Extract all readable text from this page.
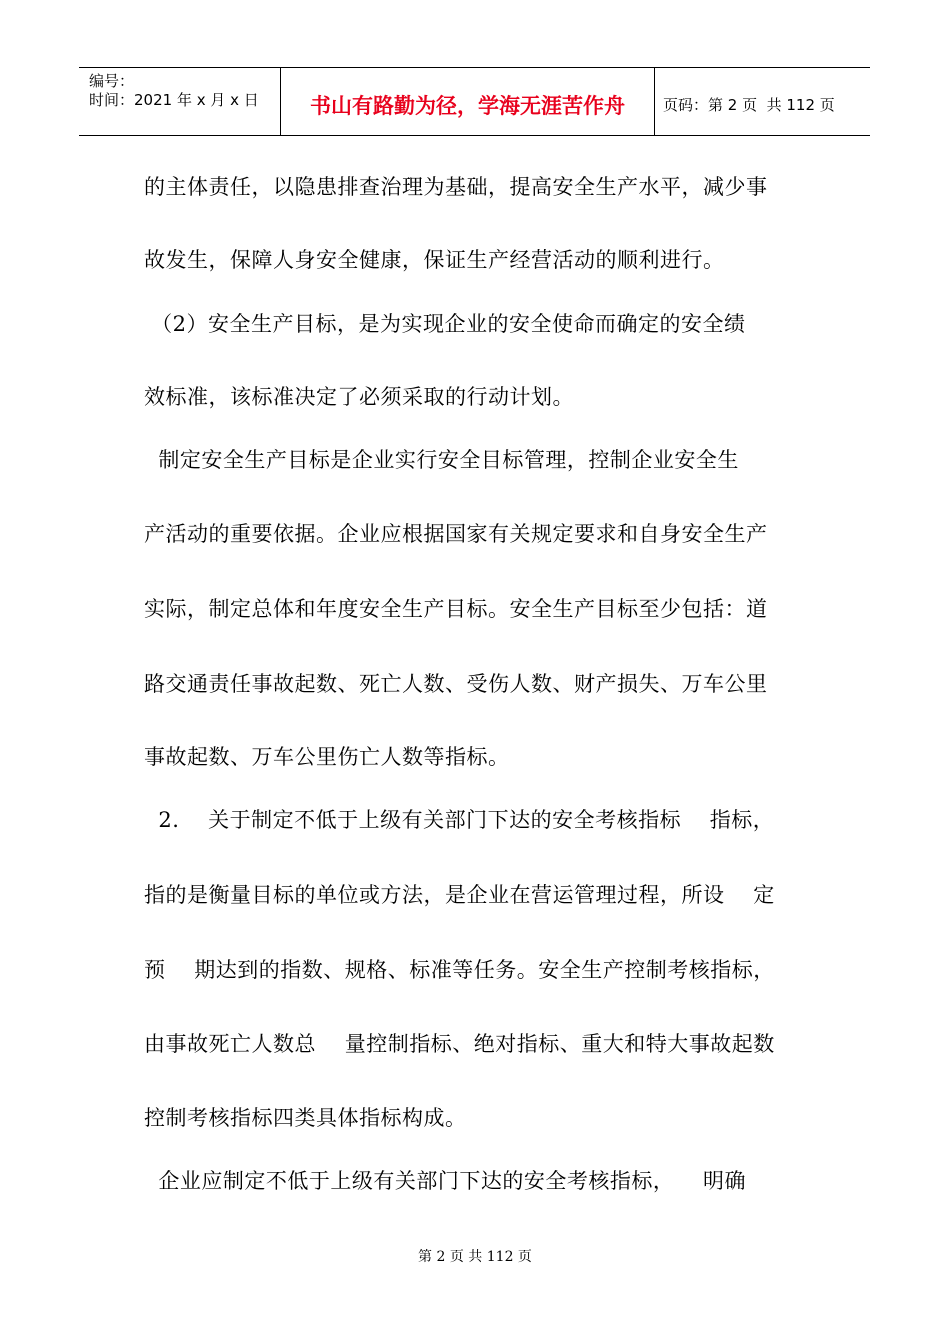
编号：
时间：2021 年 x 月 x 日	书山有路勤为径，学海无涯苦作舟	页码：第 2 页  共 112 页
的主体责任，以隐患排查治理为基础，提高安全生产水平，减少事
故发生，保障人身安全健康，保证生产经营活动的顺利进行。
（2）安全生产目标，是为实现企业的安全使命而确定的安全绩
效标准，该标准决定了必须采取的行动计划。
制定安全生产目标是企业实行安全目标管理，控制企业安全生
产活动的重要依据。企业应根据国家有关规定要求和自身安全生产
实际，制定总体和年度安全生产目标。安全生产目标至少包括：道
路交通责任事故起数、死亡人数、受伤人数、财产损失、万车公里
事故起数、万车公里伤亡人数等指标。
2.    关于制定不低于上级有关部门下达的安全考核指标    指标，
指的是衡量目标的单位或方法，是企业在营运管理过程，所设    定
预    期达到的指数、规格、标准等任务。安全生产控制考核指标，
由事故死亡人数总    量控制指标、绝对指标、重大和特大事故起数
控制考核指标四类具体指标构成。
企业应制定不低于上级有关部门下达的安全考核指标，    明确
第 2 页 共 112 页
